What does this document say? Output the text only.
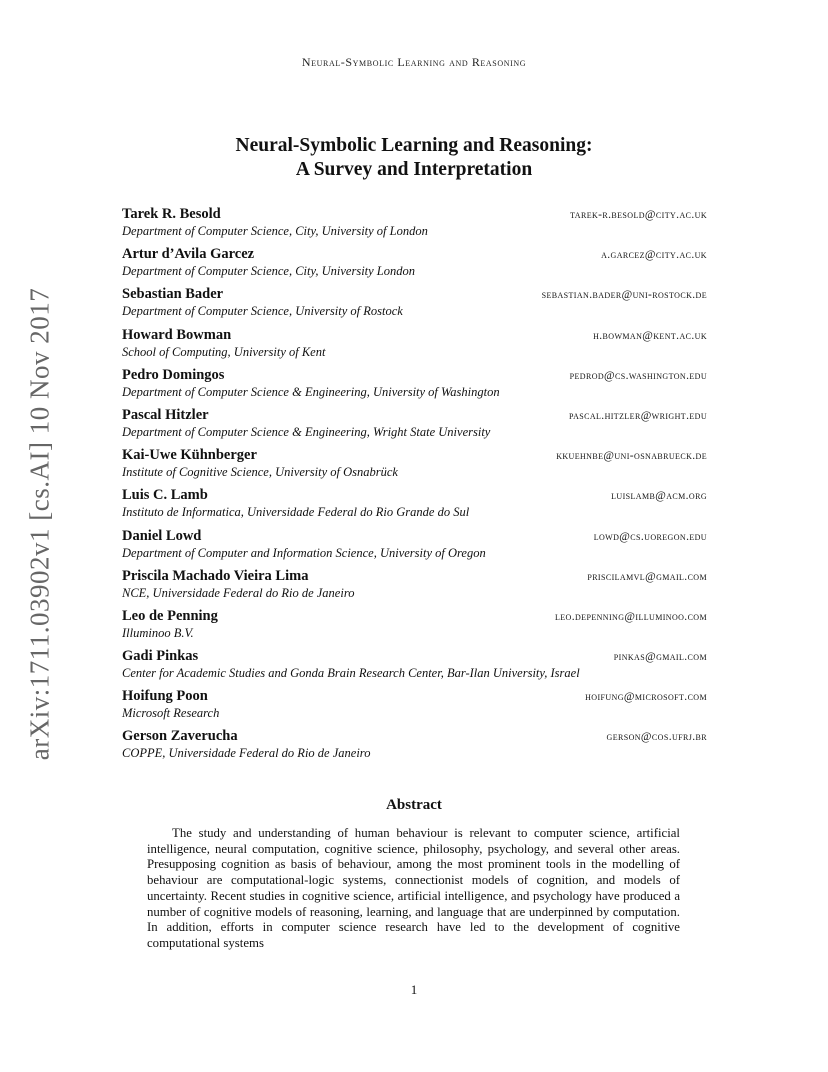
Neural-Symbolic Learning and Reasoning
arXiv:1711.03902v1 [cs.AI] 10 Nov 2017
Neural-Symbolic Learning and Reasoning:
A Survey and Interpretation
Tarek R. Besold	tarek-r.besold@city.ac.uk
Department of Computer Science, City, University of London
Artur d’Avila Garcez	a.garcez@city.ac.uk
Department of Computer Science, City, University London
Sebastian Bader	sebastian.bader@uni-rostock.de
Department of Computer Science, University of Rostock
Howard Bowman	h.bowman@kent.ac.uk
School of Computing, University of Kent
Pedro Domingos	pedrod@cs.washington.edu
Department of Computer Science & Engineering, University of Washington
Pascal Hitzler	pascal.hitzler@wright.edu
Department of Computer Science & Engineering, Wright State University
Kai-Uwe Kühnberger	kkuehnbe@uni-osnabrueck.de
Institute of Cognitive Science, University of Osnabrück
Luis C. Lamb	luislamb@acm.org
Instituto de Informatica, Universidade Federal do Rio Grande do Sul
Daniel Lowd	lowd@cs.uoregon.edu
Department of Computer and Information Science, University of Oregon
Priscila Machado Vieira Lima	priscilamvl@gmail.com
NCE, Universidade Federal do Rio de Janeiro
Leo de Penning	leo.depenning@illuminoo.com
Illuminoo B.V.
Gadi Pinkas	pinkas@gmail.com
Center for Academic Studies and Gonda Brain Research Center, Bar-Ilan University, Israel
Hoifung Poon	hoifung@microsoft.com
Microsoft Research
Gerson Zaverucha	gerson@cos.ufrj.br
COPPE, Universidade Federal do Rio de Janeiro
Abstract
The study and understanding of human behaviour is relevant to computer science, artificial intelligence, neural computation, cognitive science, philosophy, psychology, and several other areas. Presupposing cognition as basis of behaviour, among the most prominent tools in the modelling of behaviour are computational-logic systems, connectionist models of cognition, and models of uncertainty. Recent studies in cognitive science, artificial intelligence, and psychology have produced a number of cognitive models of reasoning, learning, and language that are underpinned by computation. In addition, efforts in computer science research have led to the development of cognitive computational systems
1
